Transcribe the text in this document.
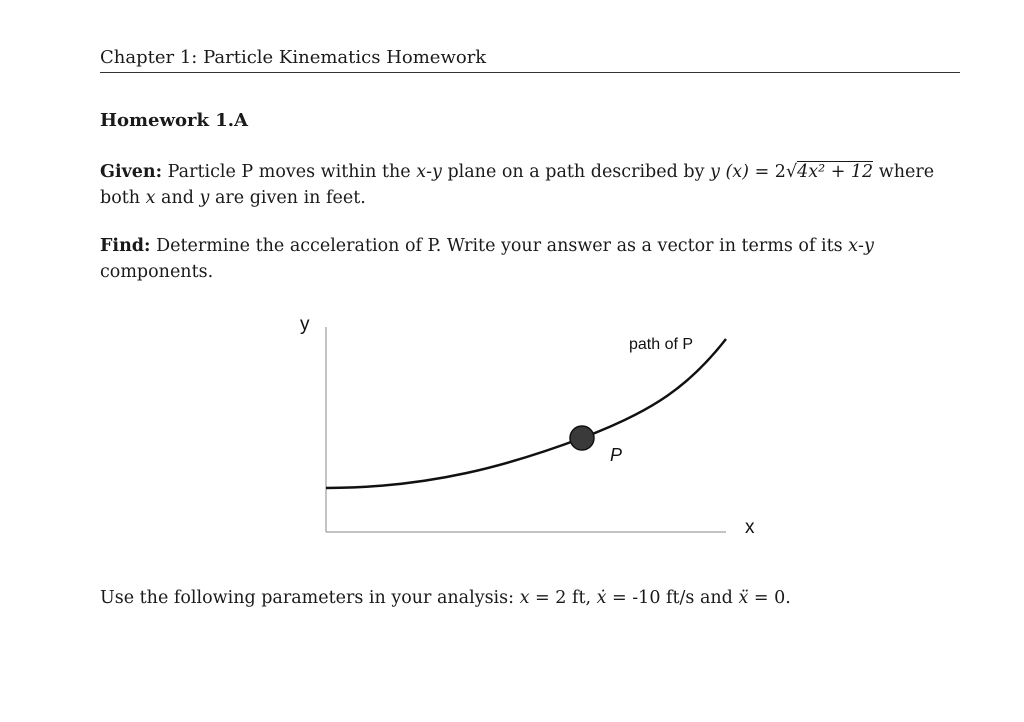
Chapter 1: Particle Kinematics Homework
Homework 1.A
Given: Particle P moves within the x-y plane on a path described by y (x) = 2√4x² + 12 where both x and y are given in feet.
Find: Determine the acceleration of P. Write your answer as a vector in terms of its x-y components.
y
x
path of P
P
Use the following parameters in your analysis: x = 2 ft, ẋ = -10 ft/s and ẍ = 0.
